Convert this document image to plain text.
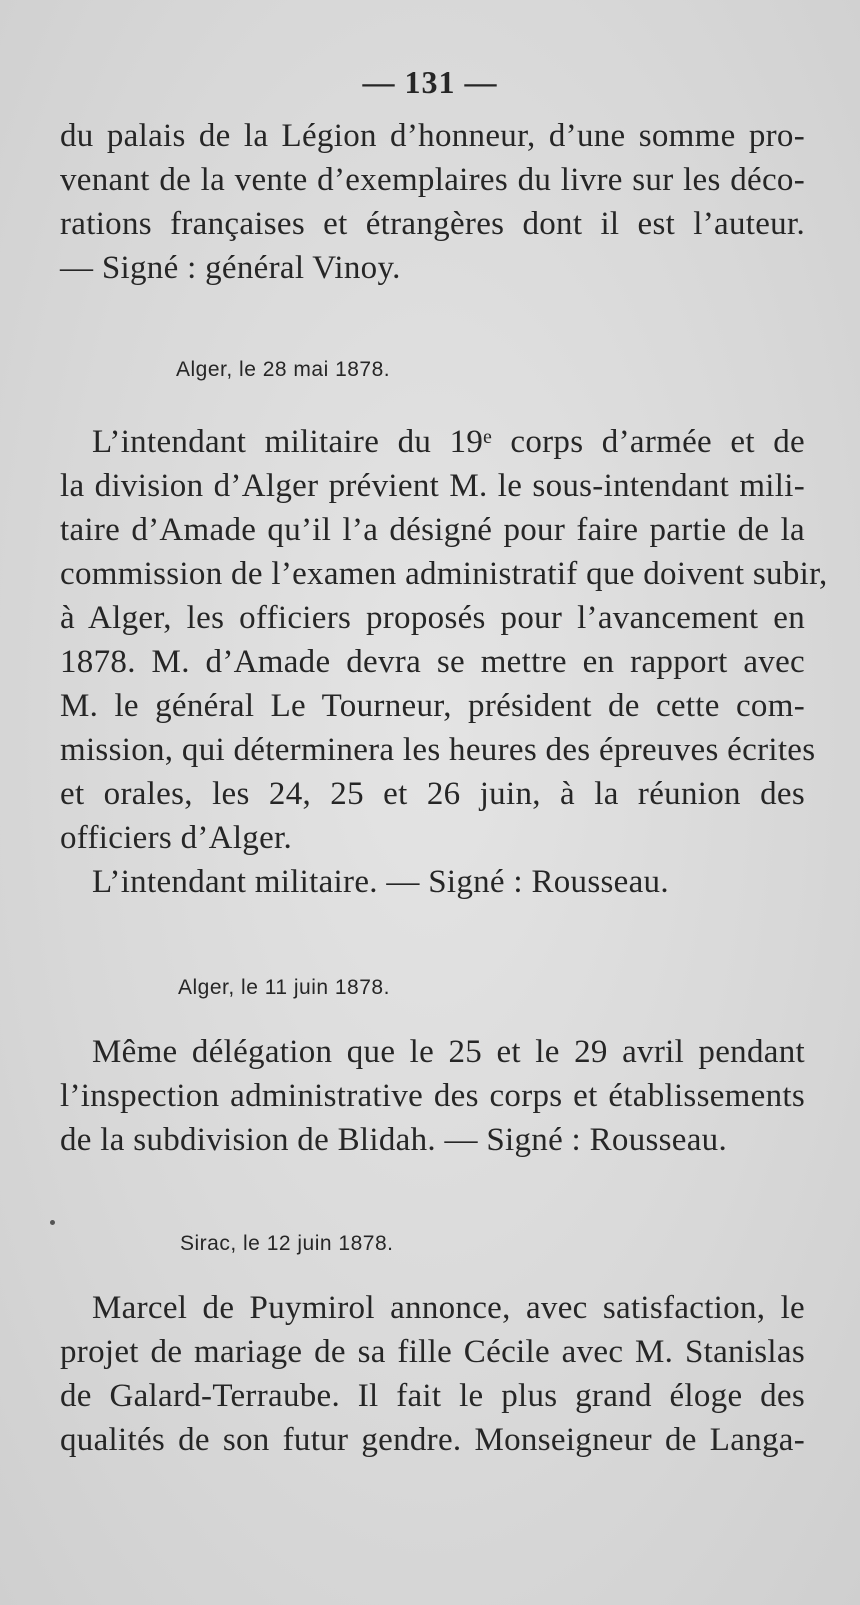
— 131 —
du palais de la Légion d’honneur, d’une somme pro-
venant de la vente d’exemplaires du livre sur les déco-
rations françaises et étrangères dont il est l’auteur.
— Signé : général Vinoy.
Alger, le 28 mai 1878.
L’intendant militaire du 19ᵉ corps d’armée et de
la division d’Alger prévient M. le sous-intendant mili-
taire d’Amade qu’il l’a désigné pour faire partie de la
commission de l’examen administratif que doivent subir,
à Alger, les officiers proposés pour l’avancement en
1878. M. d’Amade devra se mettre en rapport avec
M. le général Le Tourneur, président de cette com-
mission, qui déterminera les heures des épreuves écrites
et orales, les 24, 25 et 26 juin, à la réunion des
officiers d’Alger.
L’intendant militaire. — Signé : Rousseau.
Alger, le 11 juin 1878.
Même délégation que le 25 et le 29 avril pendant
l’inspection administrative des corps et établissements
de la subdivision de Blidah. — Signé : Rousseau.
Sirac, le 12 juin 1878.
Marcel de Puymirol annonce, avec satisfaction, le
projet de mariage de sa fille Cécile avec M. Stanislas
de Galard-Terraube. Il fait le plus grand éloge des
qualités de son futur gendre. Monseigneur de Langa-
